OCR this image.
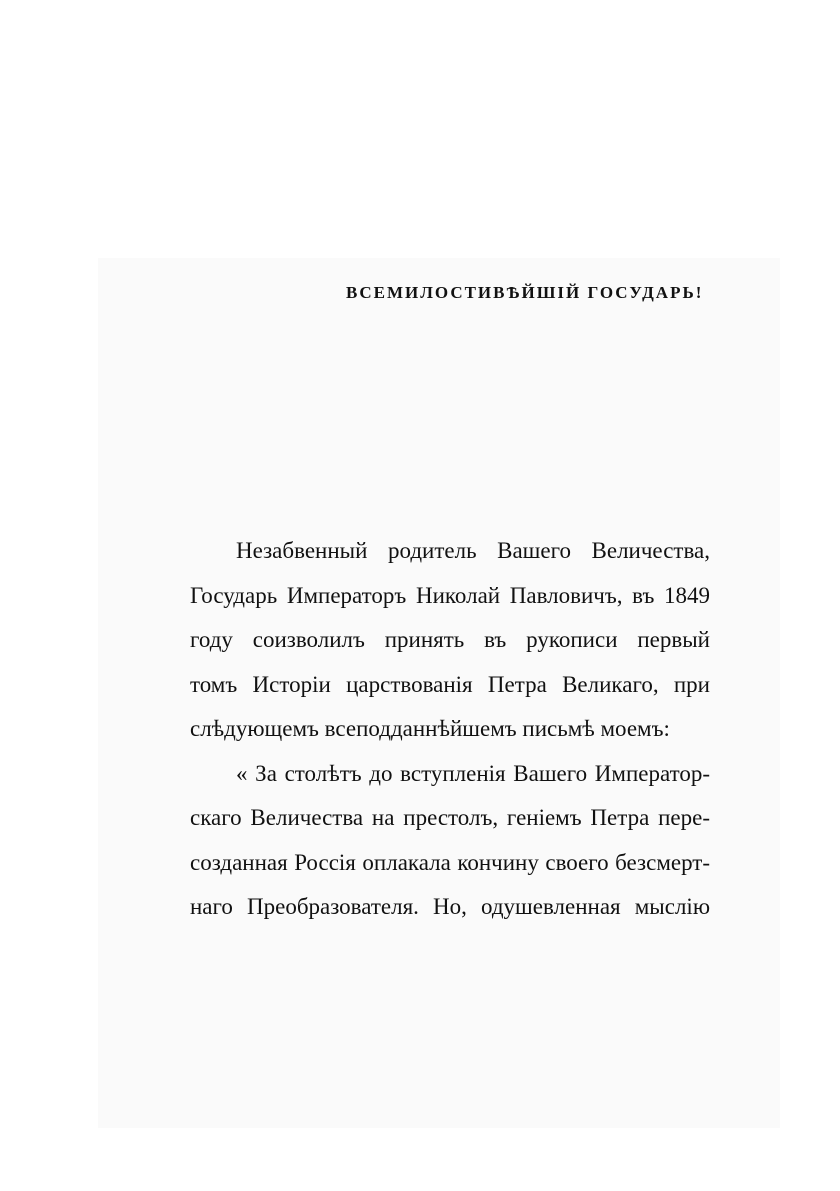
ВСЕМИЛОСТИВѢЙШІЙ ГОСУДАРЬ!
Незабвенный родитель Вашего Величества,
Государь Императоръ Николай Павловичъ, въ 1849
году соизволилъ принять въ рукописи первый
томъ Исторіи царствованія Петра Великаго, при
слѣдующемъ всеподданнѣйшемъ письмѣ моемъ:
« За столѣтъ до вступленія Вашего Император-
скаго Величества на престолъ, геніемъ Петра пере-
созданная Россія оплакала кончину своего безсмерт-
наго Преобразователя. Но, одушевленная мыслію
